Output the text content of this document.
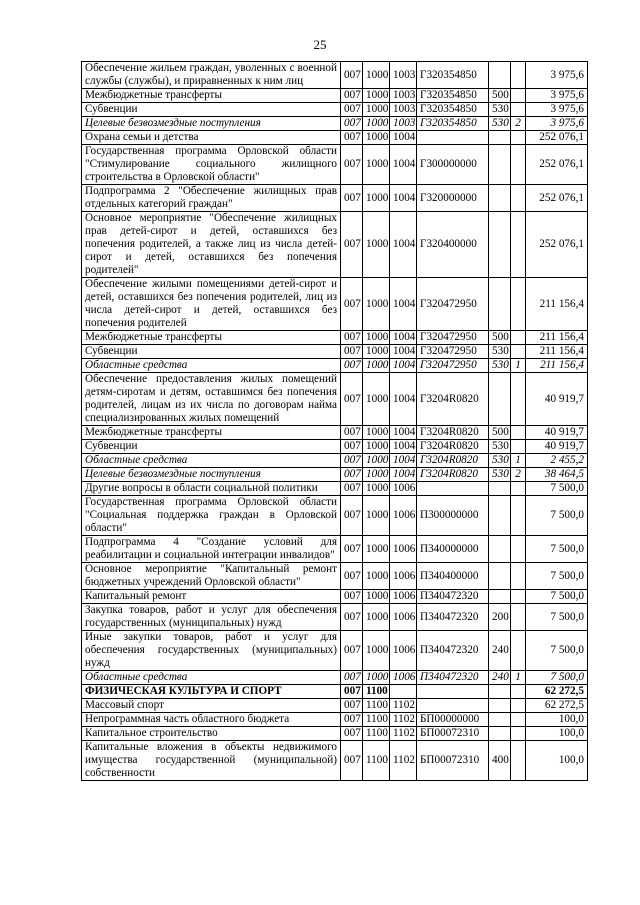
25
Обеспечение жильем граждан, уволенных с военной службы (службы), и приравненных к ним лиц	007	1000	1003	Г320354850			3 975,6
Межбюджетные трансферты	007	1000	1003	Г320354850	500		3 975,6
Субвенции	007	1000	1003	Г320354850	530		3 975,6
Целевые безвозмездные поступления	007	1000	1003	Г320354850	530	2	3 975,6
Охрана семьи и детства	007	1000	1004				252 076,1
Государственная программа Орловской области "Стимулирование социального жилищного строительства в Орловской области"	007	1000	1004	Г300000000			252 076,1
Подпрограмма 2 "Обеспечение жилищных прав отдельных категорий граждан"	007	1000	1004	Г320000000			252 076,1
Основное мероприятие "Обеспечение жилищных прав детей-сирот и детей, оставшихся без попечения родителей, а также лиц из числа детей-сирот и детей, оставшихся без попечения родителей"	007	1000	1004	Г320400000			252 076,1
Обеспечение жилыми помещениями детей-сирот и детей, оставшихся без попечения родителей, лиц из числа детей-сирот и детей, оставшихся без попечения родителей	007	1000	1004	Г320472950			211 156,4
Межбюджетные трансферты	007	1000	1004	Г320472950	500		211 156,4
Субвенции	007	1000	1004	Г320472950	530		211 156,4
Областные средства	007	1000	1004	Г320472950	530	1	211 156,4
Обеспечение предоставления жилых помещений детям-сиротам и детям, оставшимся без попечения родителей, лицам из их числа по договорам найма специализированных жилых помещений	007	1000	1004	Г3204R0820			40 919,7
Межбюджетные трансферты	007	1000	1004	Г3204R0820	500		40 919,7
Субвенции	007	1000	1004	Г3204R0820	530		40 919,7
Областные средства	007	1000	1004	Г3204R0820	530	1	2 455,2
Целевые безвозмездные поступления	007	1000	1004	Г3204R0820	530	2	38 464,5
Другие вопросы в области социальной политики	007	1000	1006				7 500,0
Государственная программа Орловской области "Социальная поддержка граждан в Орловской области"	007	1000	1006	П300000000			7 500,0
Подпрограмма 4 "Создание условий для реабилитации и социальной интеграции инвалидов"	007	1000	1006	П340000000			7 500,0
Основное мероприятие "Капитальный ремонт бюджетных учреждений Орловской области"	007	1000	1006	П340400000			7 500,0
Капитальный ремонт	007	1000	1006	П340472320			7 500,0
Закупка товаров, работ и услуг для обеспечения государственных (муниципальных) нужд	007	1000	1006	П340472320	200		7 500,0
Иные закупки товаров, работ и услуг для обеспечения государственных (муниципальных) нужд	007	1000	1006	П340472320	240		7 500,0
Областные средства	007	1000	1006	П340472320	240	1	7 500,0
ФИЗИЧЕСКАЯ КУЛЬТУРА И СПОРТ	007	1100					62 272,5
Массовый спорт	007	1100	1102				62 272,5
Непрограммная часть областного бюджета	007	1100	1102	БП00000000			100,0
Капитальное строительство	007	1100	1102	БП00072310			100,0
Капитальные вложения в объекты недвижимого имущества государственной (муниципальной) собственности	007	1100	1102	БП00072310	400		100,0
